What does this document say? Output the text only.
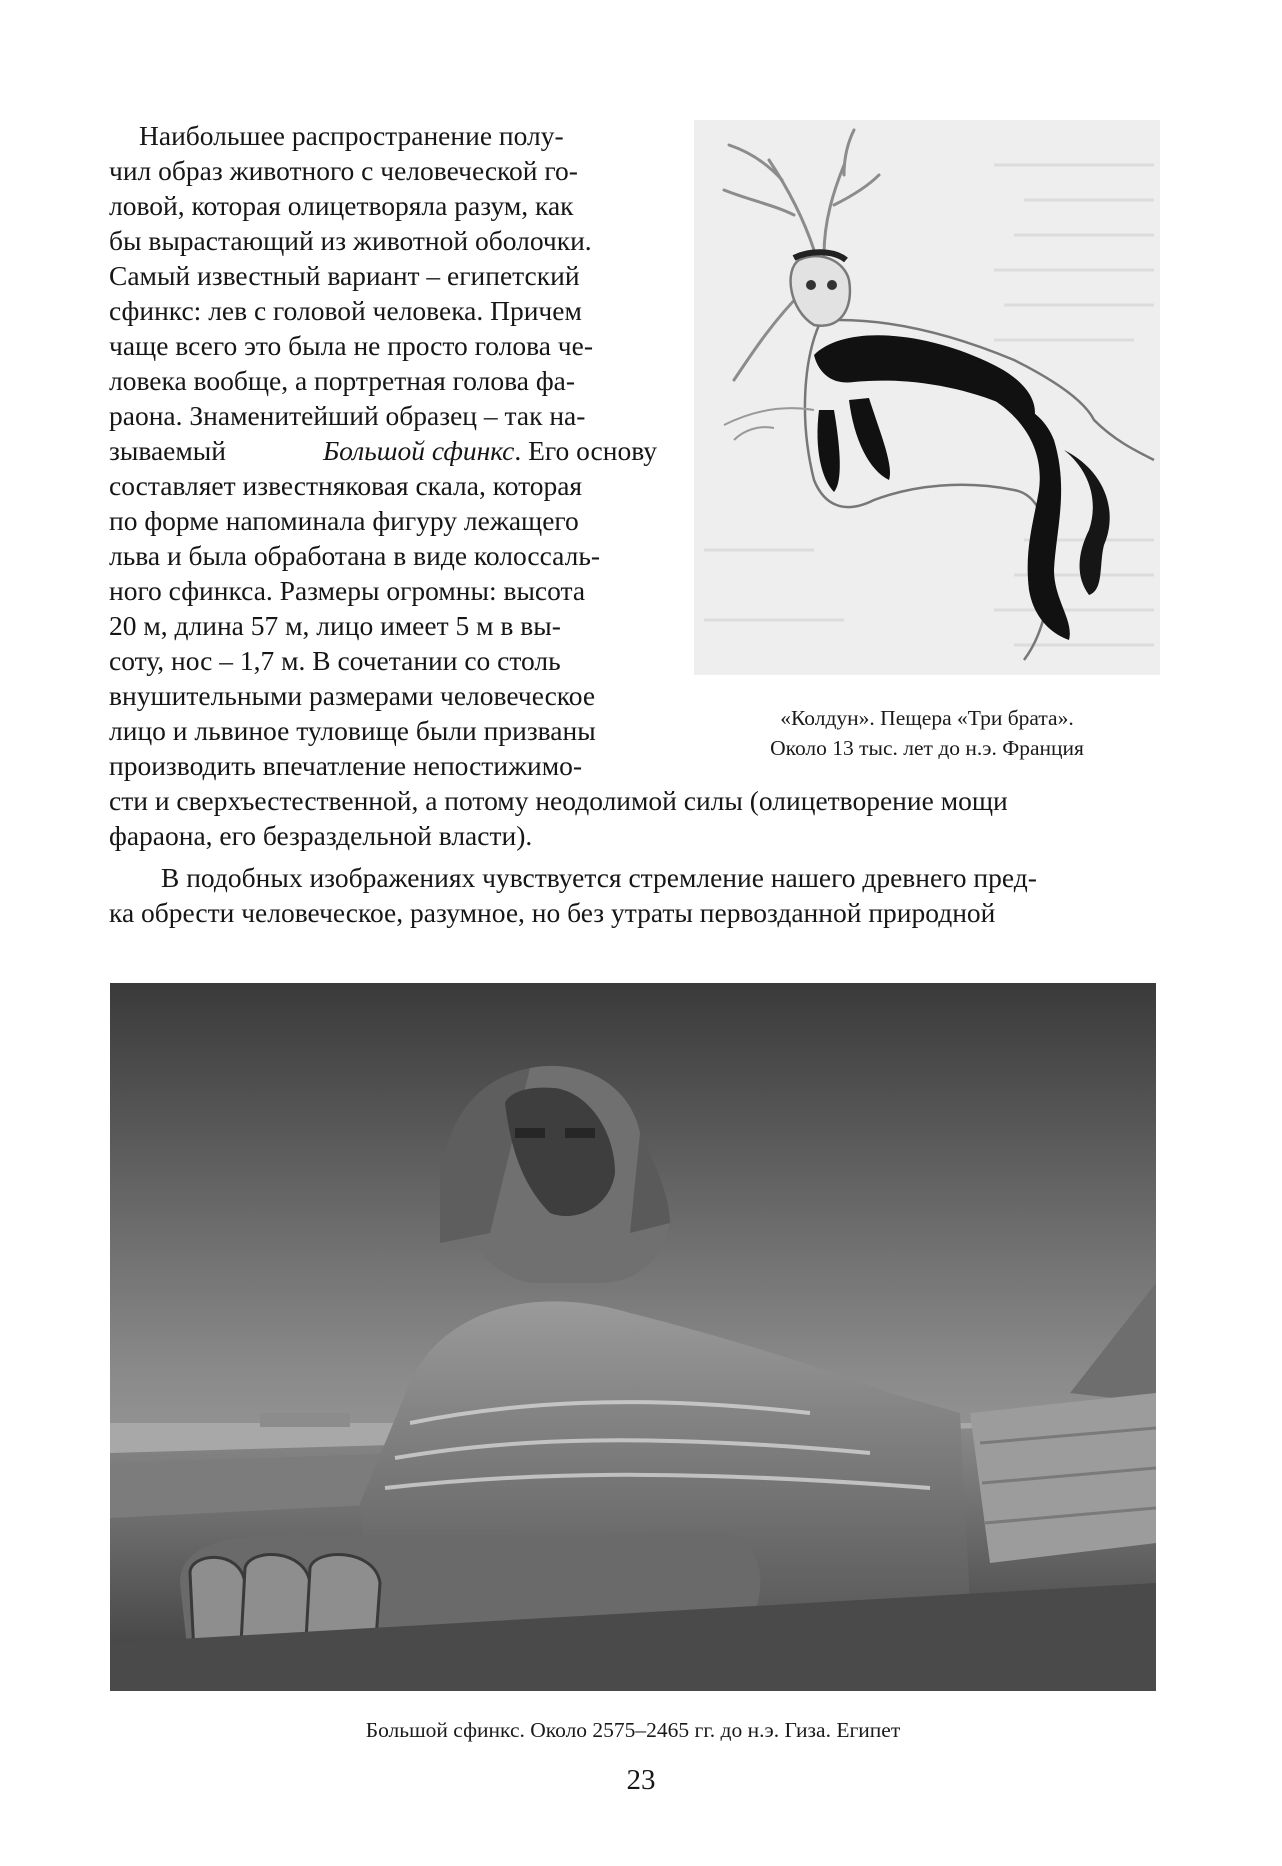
Наибольшее распространение полу-
чил образ животного с человеческой го-
ловой, которая олицетворяла разум, как
бы вырастающий из животной оболочки.
Самый известный вариант – египетский
сфинкс: лев с головой человека. Причем
чаще всего это была не просто голова че-
ловека вообще, а портретная голова фа-
раона. Знаменитейший образец – так на-
зываемый	Большой сфинкс. Его основу
составляет известняковая скала, которая
по форме напоминала фигуру лежащего
льва и была обработана в виде колоссаль-
ного сфинкса. Размеры огромны: высота
20 м, длина 57 м, лицо имеет 5 м в вы-
соту, нос – 1,7 м. В сочетании со столь
внушительными размерами человеческое
лицо и львиное туловище были призваны
производить впечатление непостижимо-
сти и сверхъестественной, а потому неодолимой силы (олицетворение мощи
фараона, его безраздельной власти).
В подобных изображениях чувствуется стремление нашего древнего пред-
ка обрести человеческое, разумное, но без утраты первозданной природной
«Колдун». Пещера «Три брата».
Около 13 тыс. лет до н.э. Франция
Большой сфинкс. Около 2575–2465 гг. до н.э. Гиза. Египет
23
